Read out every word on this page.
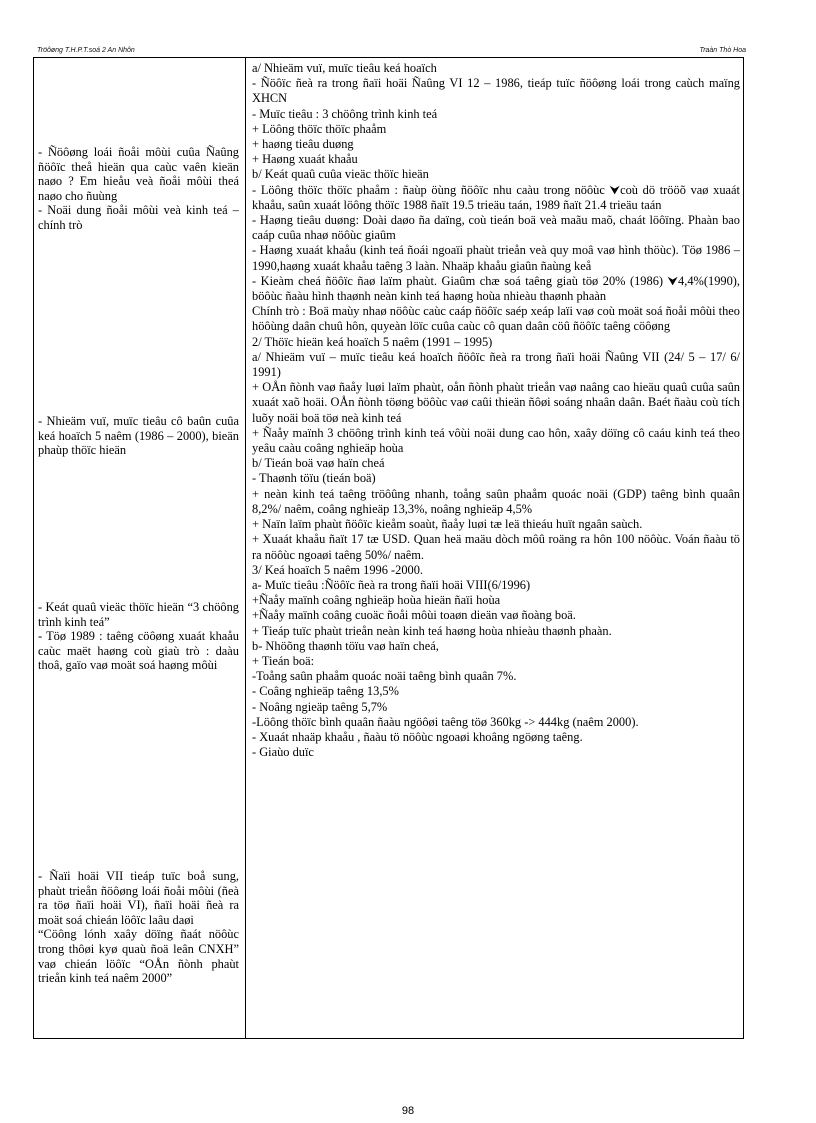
Tröôøng T.H.P.T.soá 2 An Nhôn	Traàn Thò Hoa

- Ñöôøng loái ñoåi môùi cuûa Ñaûng ñöôïc theå hieän qua caùc vaên kieän naøo ? Em hieåu veà ñoåi môùi theá naøo cho ñuùng

- Noäi dung ñoåi môùi veà kinh teá – chính trò

- Nhieäm vuï, muïc tieâu cô baûn cuûa keá hoaïch 5 naêm (1986 – 2000), bieän phaùp thöïc hieän

- Keát quaû vieäc thöïc hieän “3 chöông trình kinh teá”

- Töø 1989 : taêng cöôøng xuaát khaåu caùc maët haøng coù giaù trò : daàu thoâ, gaïo vaø moät soá haøng môùi

- Ñaïi hoäi VII tieáp tuïc boå sung, phaùt trieån ñöôøng loái ñoåi môùi (ñeà ra töø ñaïi hoäi VI), ñaïi hoäi ñeà ra moät soá chieán löôïc laâu daøi

“Cöông lónh xaây döïng ñaát nöôùc trong thôøi kyø quaù ñoä leân CNXH” vaø chieán löôïc “OÅn ñònh phaùt trieån kinh teá naêm 2000”

a/ Nhieäm vuï, muïc tieâu keá hoaïch

- Ñöôïc ñeà ra trong ñaïi hoäi Ñaûng VI 12 – 1986, tieáp tuïc ñöôøng loái trong caùch maïng XHCN

- Muïc tieâu : 3 chöông trình kinh teá

+ Löông thöïc thöïc phaåm

+ haøng tieâu duøng

+ Haøng xuaát khaåu

b/ Keát quaû cuûa vieäc thöïc hieän

- Löông thöïc thöïc phaåm : ñaùp öùng ñöôïc nhu caàu trong nöôùc ⮟coù dö trööõ vaø xuaát khaåu, saûn xuaát löông thöïc 1988 ñaït 19.5 trieäu taán, 1989 ñaït 21.4 trieäu taán

- Haøng tieâu duøng: Doài daøo ña daïng, coù tieán boä veà maãu maõ, chaát löôïng. Phaàn bao caáp cuûa nhaø nöôùc giaûm

- Haøng xuaát khaåu (kinh teá ñoái ngoaïi phaùt trieån veà quy moâ vaø hình thöùc). Töø 1986 – 1990,haøng xuaát khaåu taêng 3 laàn. Nhaäp khaåu giaûn ñaùng keå

- Kieàm cheá ñöôïc ñaø laïm phaùt. Giaûm chæ soá taêng giaù töø 20% (1986) ⮟4,4%(1990), böôùc ñaàu hình thaønh neàn kinh teá haøng hoùa nhieàu thaønh phaàn

Chính trò : Boä maùy nhaø nöôùc caùc caáp ñöôïc saép xeáp laïi vaø coù moät soá ñoåi môùi theo höôùng daân chuû hôn, quyeàn löïc cuûa caùc cô quan daân cöû ñöôïc taêng cöôøng

2/ Thöïc hieän keá hoaïch 5 naêm (1991 – 1995)

a/ Nhieäm vuï – muïc tieâu keá hoaïch ñöôïc ñeà ra trong ñaïi hoäi Ñaûng VII (24/ 5 – 17/ 6/ 1991)

+ OÅn ñònh vaø ñaåy luøi laïm phaùt, oån ñònh phaùt trieån vaø naâng cao hieäu quaû cuûa saûn xuaát xaõ hoäi. OÅn ñònh töøng böôùc vaø caûi thieän ñôøi soáng nhaân daân. Baét ñaàu coù tích luõy noäi boä töø neà kinh teá

+ Ñaåy maïnh 3 chöông trình kinh teá vôùi noäi dung cao hôn, xaây döïng cô caáu kinh teá theo yeâu caàu coâng nghieäp hoùa

b/ Tieán boä vaø haïn cheá

- Thaønh töïu (tieán boä)

+ neàn kinh teá taêng tröôûng nhanh, toång saûn phaåm quoác noäi (GDP) taêng bình quaân 8,2%/ naêm, coâng nghieäp 13,3%, noâng nghieäp 4,5%

+ Naïn laïm phaùt ñöôïc kieåm soaùt, ñaåy luøi tæ leä thieáu huït ngaân saùch.

+ Xuaát khaåu ñaït 17 tæ USD. Quan heä maäu dòch môû roäng ra hôn 100 nöôùc. Voán ñaàu tö ra nöôùc ngoaøi taêng 50%/ naêm.

3/ Keá hoaïch 5 naêm 1996 -2000.

a- Muïc tieâu :Ñöôïc ñeà ra trong ñaïi hoäi VIII(6/1996)

+Ñaåy maïnh coâng nghieäp hoùa hieän ñaïi hoùa

+Ñaåy maïnh coâng cuoäc ñoåi môùi toaøn dieän vaø ñoàng boä.

+ Tieáp tuïc phaùt trieån neàn kinh teá haøng hoùa nhieàu thaønh phaàn.

b- Nhöõng thaønh töïu vaø haïn cheá,

+ Tieán boä:

-Toång saûn phaåm quoác noäi taêng bình quaân 7%.

- Coâng nghieäp taêng 13,5%

- Noâng ngieäp taêng 5,7%

-Löông thöïc bình quaân ñaàu ngöôøi taêng töø 360kg -> 444kg (naêm 2000).

- Xuaát nhaäp khaåu , ñaàu tö nöôùc ngoaøi khoâng ngöøng taêng.

- Giaùo duïc

98
